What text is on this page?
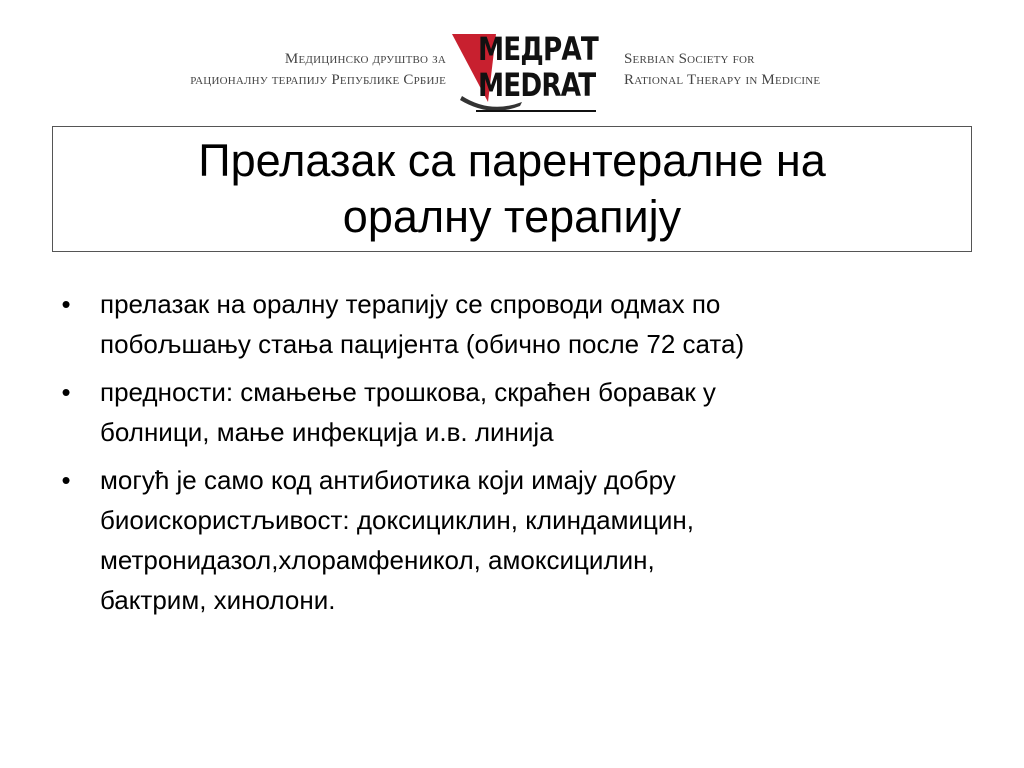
Медицинско друштво за
рационалну терапију Републике Србије
МЕДРАТ
MEDRAT
Serbian Society for
Rational Therapy in Medicine
Прелазак са парентералне на
оралну терапију
• прелазак на оралну терапију се спроводи одмах по
побољшању стања пацијента (обично после 72 сата)
• предности: смањење трошкова, скраћен боравак у
болници, мање инфекција и.в. линија
• могућ је само код антибиотика који имају добру
биоискористљивост: доксициклин, клиндамицин,
метронидазол,хлорамфеникол, амоксицилин,
бактрим, хинолони.
